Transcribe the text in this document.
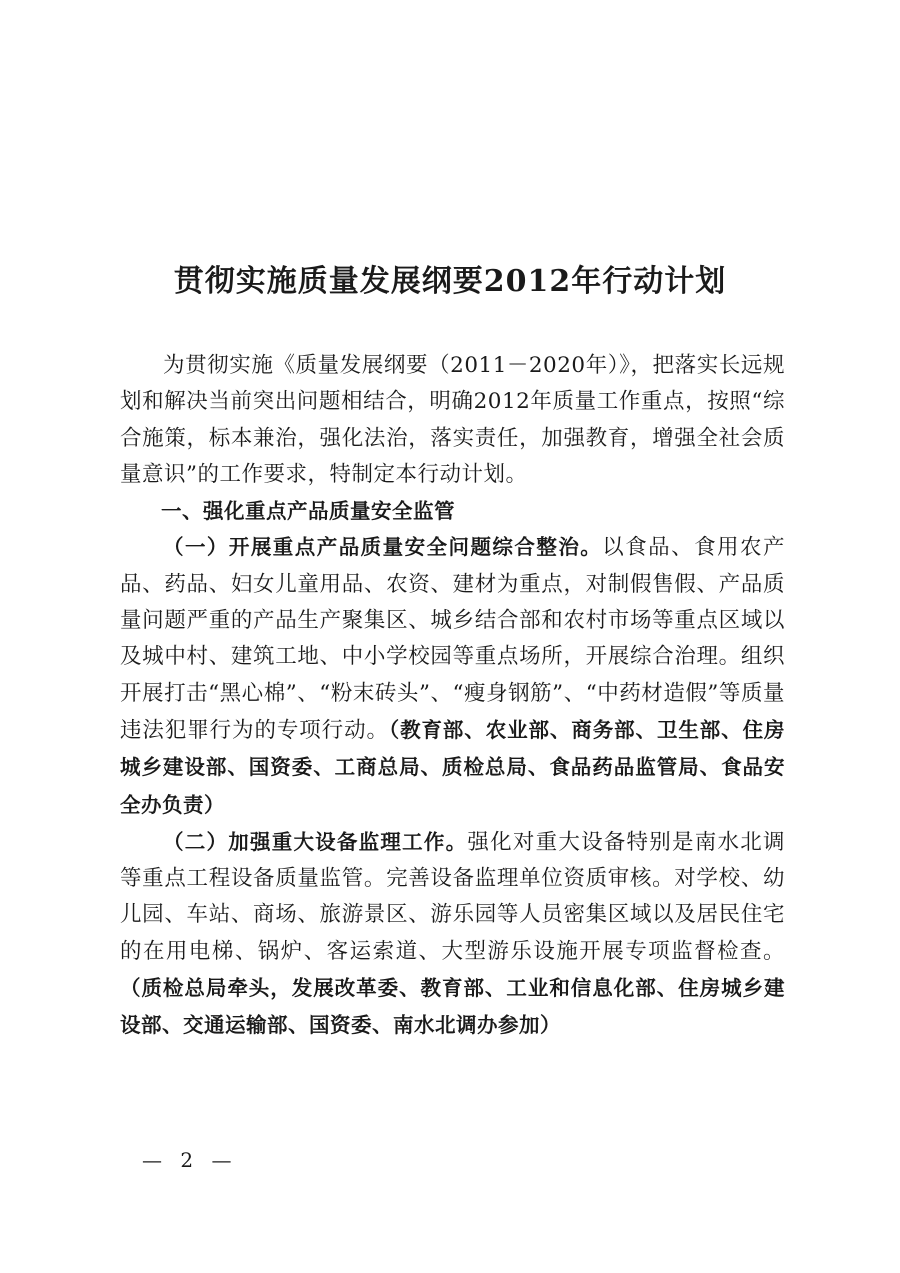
贯彻实施质量发展纲要2012年行动计划

为贯彻实施《质量发展纲要（2011－2020年）》，把落实长远规划和解决当前突出问题相结合，明确2012年质量工作重点，按照“综合施策，标本兼治，强化法治，落实责任，加强教育，增强全社会质量意识”的工作要求，特制定本行动计划。

一、强化重点产品质量安全监管

（一）开展重点产品质量安全问题综合整治。以食品、食用农产品、药品、妇女儿童用品、农资、建材为重点，对制假售假、产品质量问题严重的产品生产聚集区、城乡结合部和农村市场等重点区域以及城中村、建筑工地、中小学校园等重点场所，开展综合治理。组织开展打击“黑心棉”、“粉末砖头”、“瘦身钢筋”、“中药材造假”等质量违法犯罪行为的专项行动。（教育部、农业部、商务部、卫生部、住房城乡建设部、国资委、工商总局、质检总局、食品药品监管局、食品安全办负责）

（二）加强重大设备监理工作。强化对重大设备特别是南水北调等重点工程设备质量监管。完善设备监理单位资质审核。对学校、幼儿园、车站、商场、旅游景区、游乐园等人员密集区域以及居民住宅的在用电梯、锅炉、客运索道、大型游乐设施开展专项监督检查。（质检总局牵头，发展改革委、教育部、工业和信息化部、住房城乡建设部、交通运输部、国资委、南水北调办参加）

— 2 —
